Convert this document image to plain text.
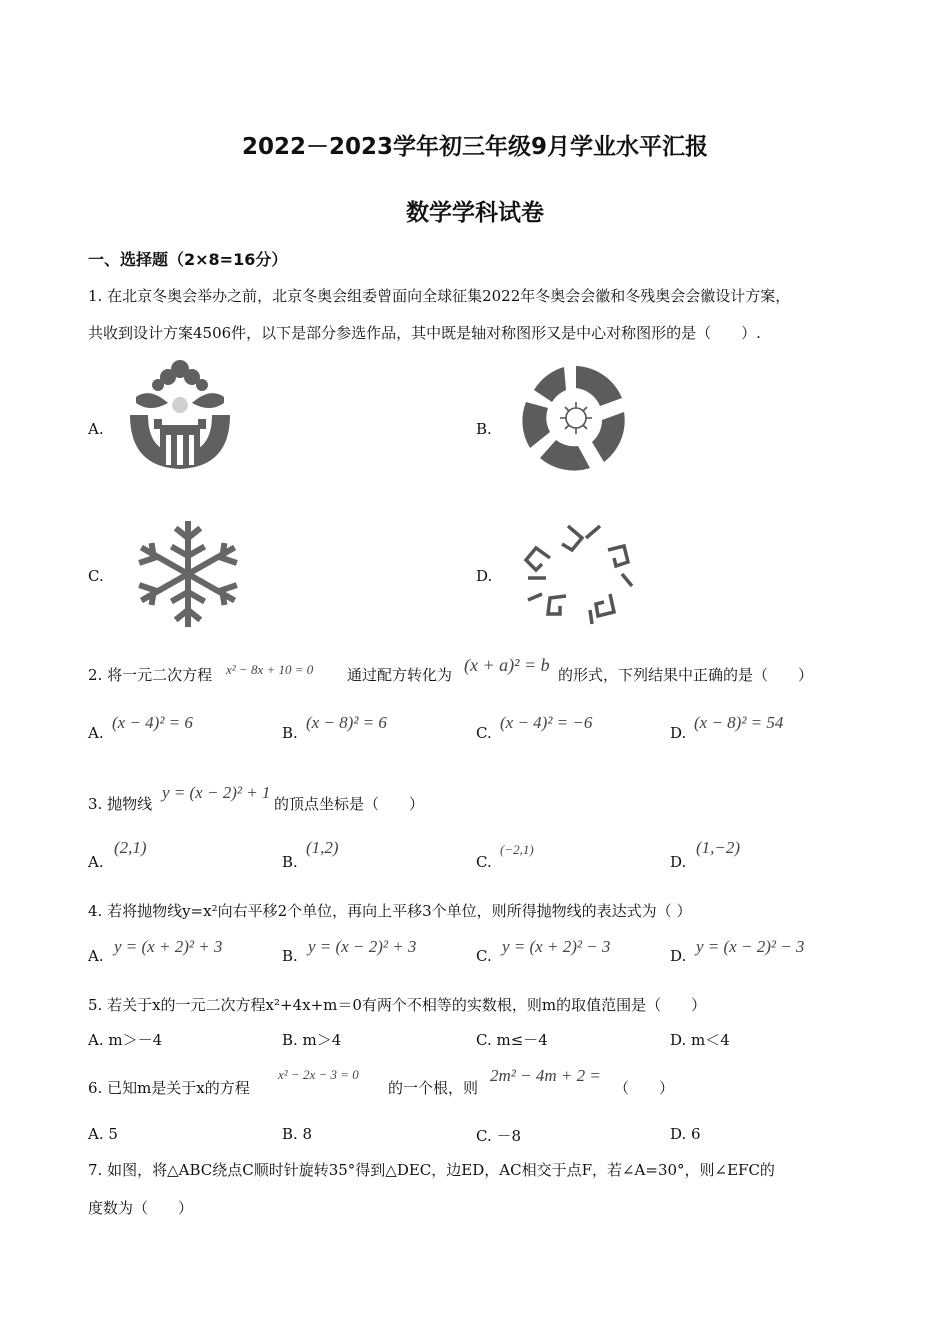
2022－2023学年初三年级9月学业水平汇报
数学学科试卷
一、选择题（2×8=16分）
1. 在北京冬奥会举办之前，北京冬奥会组委曾面向全球征集2022年冬奥会会徽和冬残奥会会徽设计方案，
共收到设计方案4506件，以下是部分参选作品，其中既是轴对称图形又是中心对称图形的是（　　）.
A.	B.
C.	D.
2. 将一元二次方程 x² − 8x + 10 = 0 通过配方转化为 (x + a)² = b 的形式，下列结果中正确的是（　　）
A.
(x − 4)² = 6
B.
(x − 8)² = 6
C.
(x − 4)² = −6
D.
(x − 8)² = 54
3. 抛物线
y = (x − 2)² + 1
的顶点坐标是（　　）
A.
(2,1)
B.
(1,2)
C.
(−2,1)
D.
(1,−2)
4. 若将抛物线y=x²向右平移2个单位，再向上平移3个单位，则所得抛物线的表达式为（ ）
A. y = (x + 2)² + 3	B. y = (x − 2)² + 3	C. y = (x + 2)² − 3	D. y = (x − 2)² − 3
5. 若关于x的一元二次方程x²+4x+m＝0有两个不相等的实数根，则m的取值范围是（　　）
A. m＞－4	B. m＞4	C. m≤－4	D. m＜4
6. 已知m是关于x的方程
x² − 2x − 3 = 0
的一个根，则
2m² − 4m + 2 =
（　　）
A. 5	B. 8	C. －8	D. 6
7. 如图，将△ABC绕点C顺时针旋转35°得到△DEC，边ED，AC相交于点F，若∠A=30°，则∠EFC的
度数为（　　）
